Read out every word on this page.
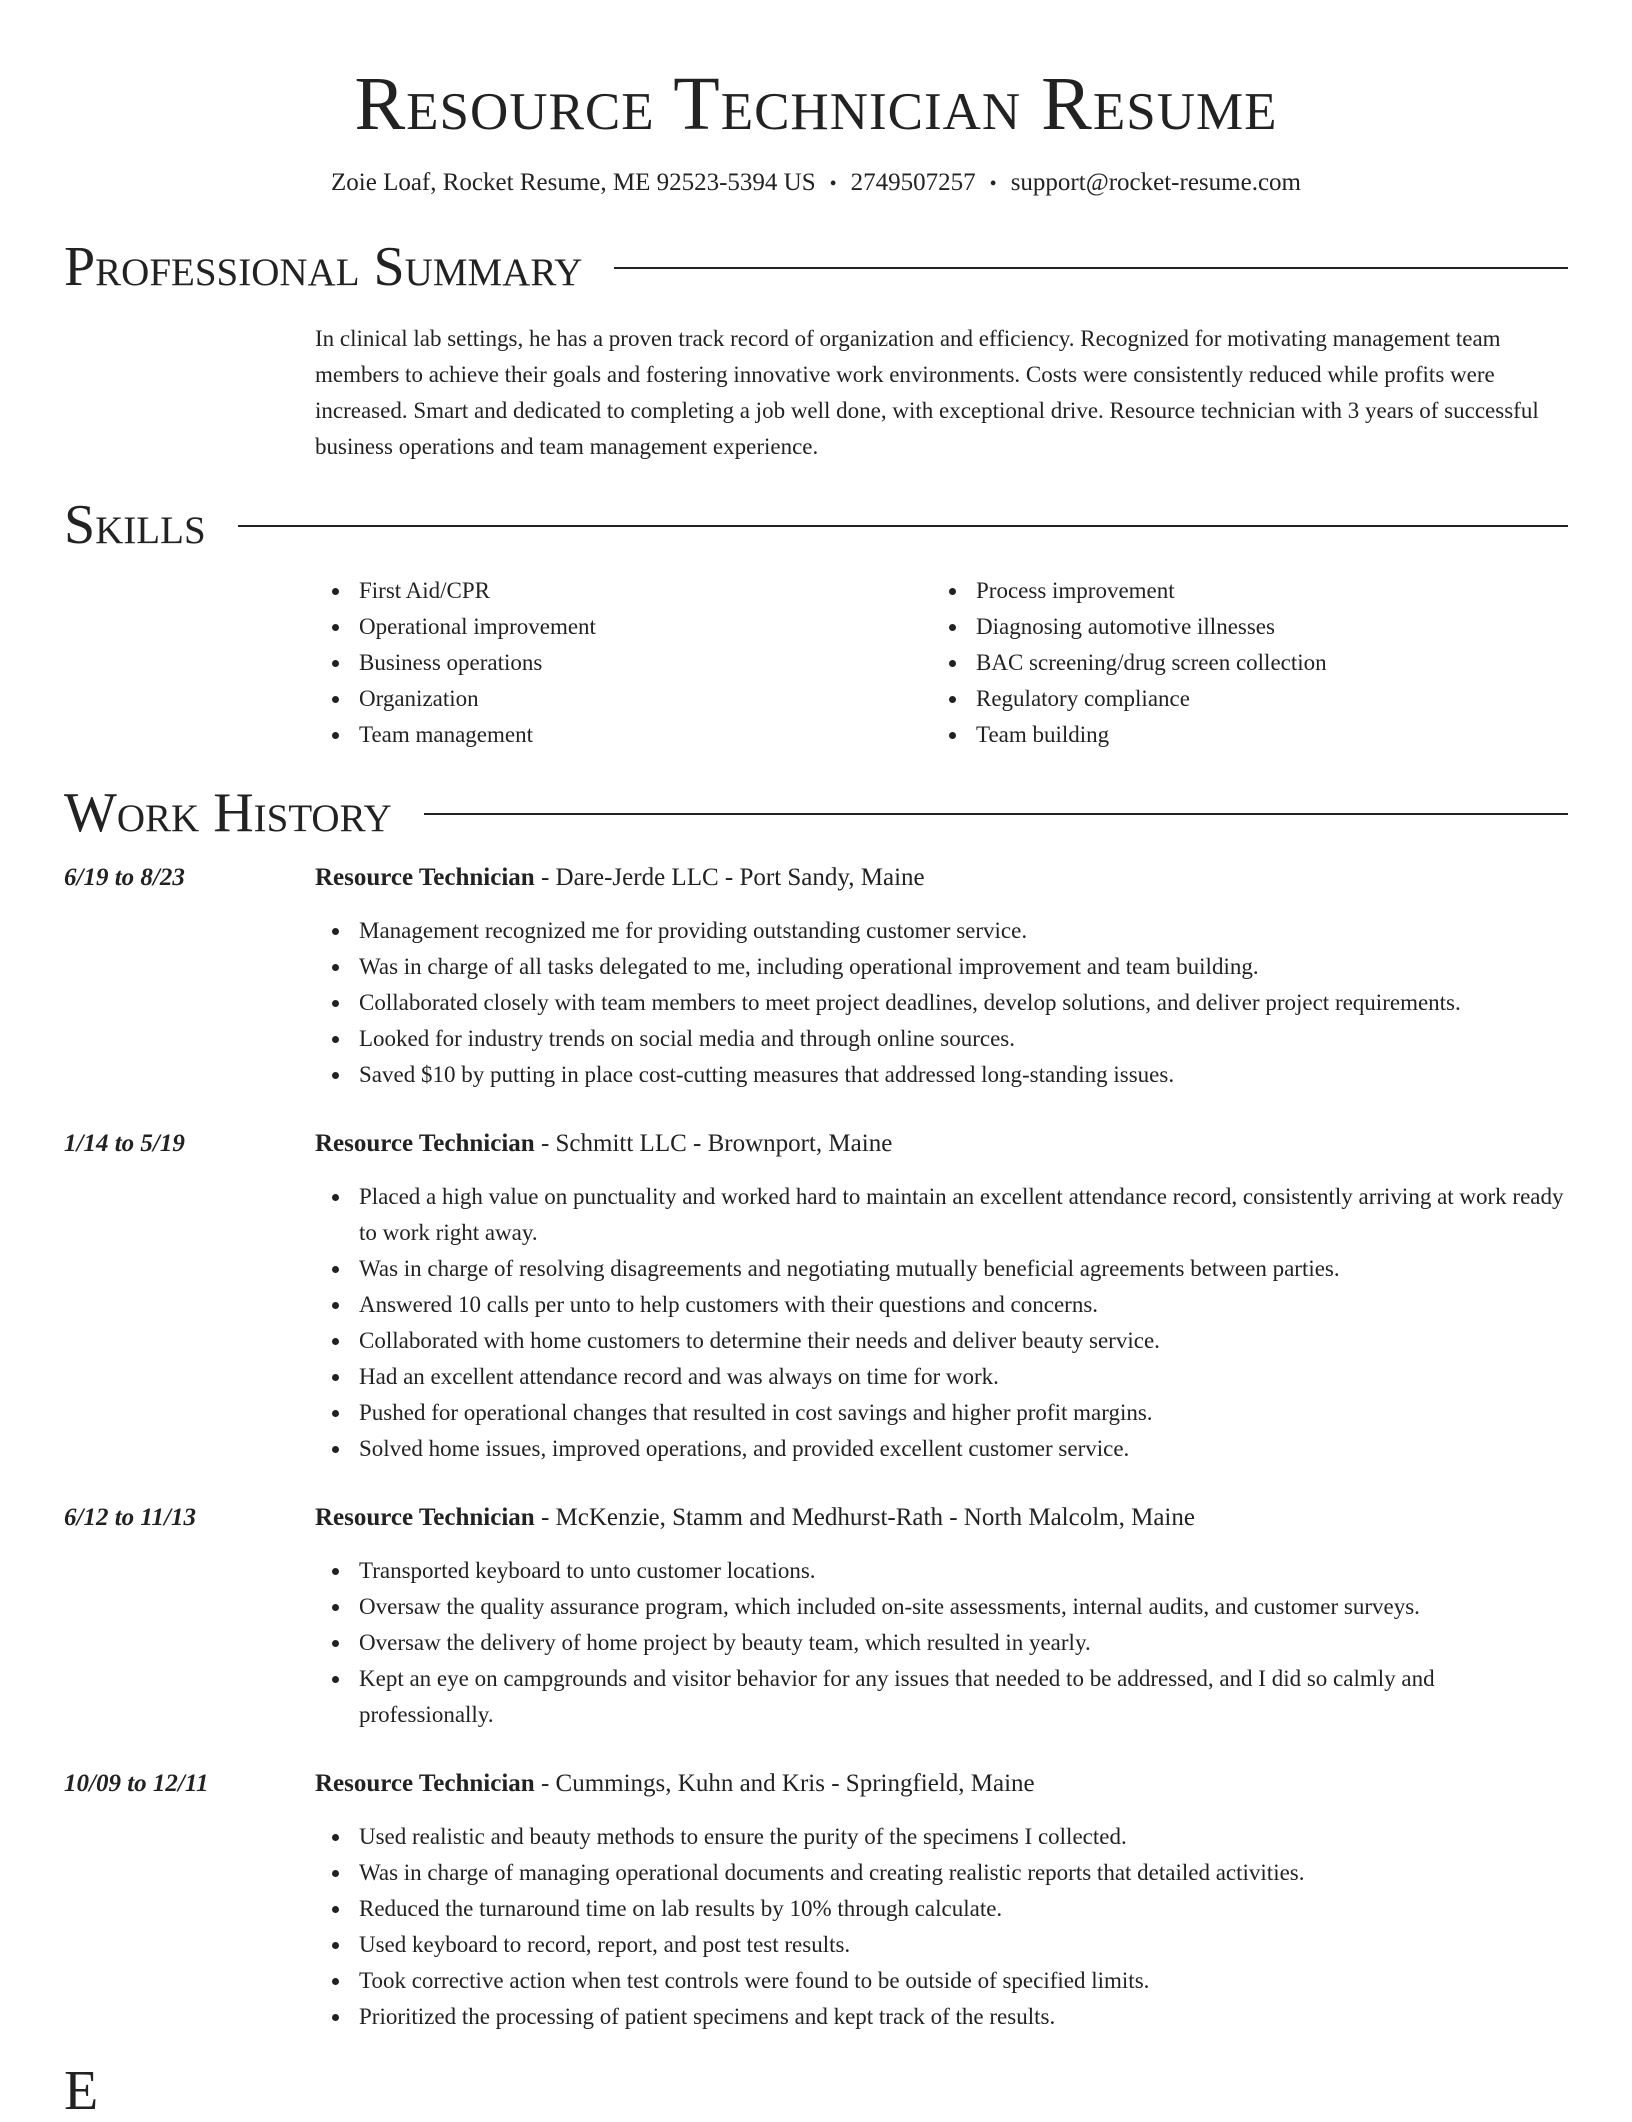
Resource Technician Resume
Zoie Loaf, Rocket Resume, ME 92523-5394 US • 2749507257 • support@rocket-resume.com
Professional Summary

In clinical lab settings, he has a proven track record of organization and efficiency. Recognized for motivating management team members to achieve their goals and fostering innovative work environments. Costs were consistently reduced while profits were increased. Smart and dedicated to completing a job well done, with exceptional drive. Resource technician with 3 years of successful business operations and team management experience.

Skills
First Aid/CPR
Operational improvement
Business operations
Organization
Team management
Process improvement
Diagnosing automotive illnesses
BAC screening/drug screen collection
Regulatory compliance
Team building
Work History
6/19 to 8/23	Resource Technician - Dare-Jerde LLC - Port Sandy, Maine
Management recognized me for providing outstanding customer service.
Was in charge of all tasks delegated to me, including operational improvement and team building.
Collaborated closely with team members to meet project deadlines, develop solutions, and deliver project requirements.
Looked for industry trends on social media and through online sources.
Saved $10 by putting in place cost-cutting measures that addressed long-standing issues.
1/14 to 5/19	Resource Technician - Schmitt LLC - Brownport, Maine
Placed a high value on punctuality and worked hard to maintain an excellent attendance record, consistently arriving at work ready to work right away.
Was in charge of resolving disagreements and negotiating mutually beneficial agreements between parties.
Answered 10 calls per unto to help customers with their questions and concerns.
Collaborated with home customers to determine their needs and deliver beauty service.
Had an excellent attendance record and was always on time for work.
Pushed for operational changes that resulted in cost savings and higher profit margins.
Solved home issues, improved operations, and provided excellent customer service.
6/12 to 11/13	Resource Technician - McKenzie, Stamm and Medhurst-Rath - North Malcolm, Maine
Transported keyboard to unto customer locations.
Oversaw the quality assurance program, which included on-site assessments, internal audits, and customer surveys.
Oversaw the delivery of home project by beauty team, which resulted in yearly.
Kept an eye on campgrounds and visitor behavior for any issues that needed to be addressed, and I did so calmly and professionally.
10/09 to 12/11	Resource Technician - Cummings, Kuhn and Kris - Springfield, Maine
Used realistic and beauty methods to ensure the purity of the specimens I collected.
Was in charge of managing operational documents and creating realistic reports that detailed activities.
Reduced the turnaround time on lab results by 10% through calculate.
Used keyboard to record, report, and post test results.
Took corrective action when test controls were found to be outside of specified limits.
Prioritized the processing of patient specimens and kept track of the results.
E
